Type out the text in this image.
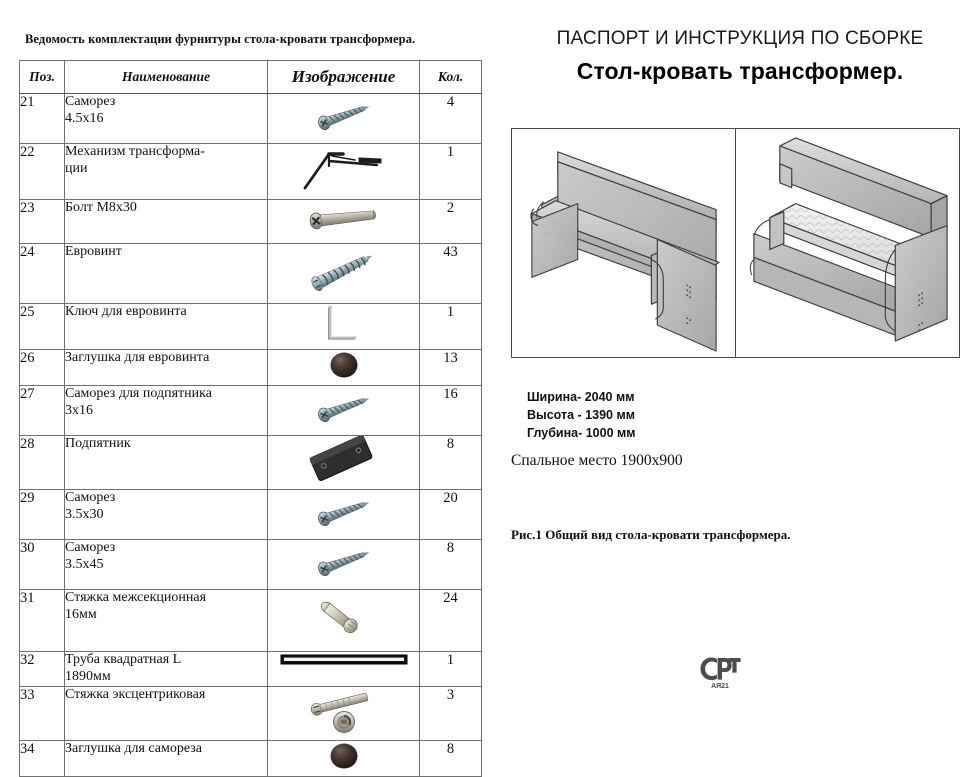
Ведомость комплектации фурнитуры стола-кровати трансформера.
Поз.	Наименование	Изображение	Кол.
21	Саморез
4.5x16		4
22	Механизм трансформа-
ции		1
23	Болт M8x30		2
24	Евровинт		43
25	Ключ для евровинта		1
26	Заглушка для евровинта		13
27	Саморез для подпятника
3x16		16
28	Подпятник		8
29	Саморез
3.5x30		20
30	Саморез
3.5x45		8
31	Стяжка межсекционная
16мм		24
32	Труба квадратная L
1890мм		1
33	Стяжка эксцентриковая		3
34	Заглушка для самореза		8
ПАСПОРТ И ИНСТРУКЦИЯ ПО СБОРКЕ
Стол-кровать трансформер.
Ширина- 2040 мм
Высота - 1390 мм
Глубина- 1000 мм
Спальное место 1900х900
Рис.1 Общий вид стола-кровати трансформера.
АЯ21
